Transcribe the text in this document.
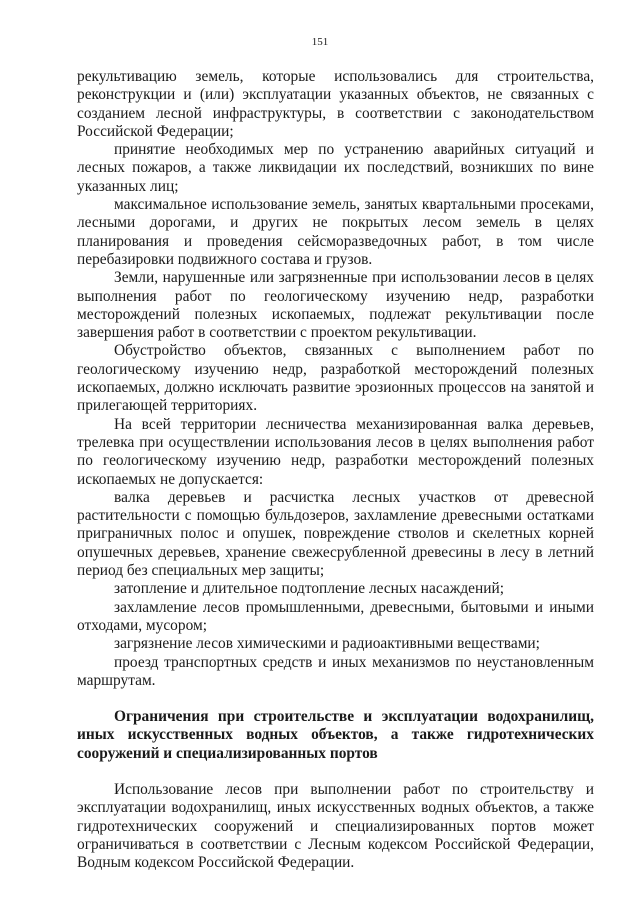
151

рекультивацию земель, которые использовались для строительства, реконструкции и (или) эксплуатации указанных объектов, не связанных с созданием лесной инфраструктуры, в соответствии с законодательством Российской Федерации;

принятие необходимых мер по устранению аварийных ситуаций и лесных пожаров, а также ликвидации их последствий, возникших по вине указанных лиц;

максимальное использование земель, занятых квартальными просеками, лесными дорогами, и других не покрытых лесом земель в целях планирования и проведения сейсморазведочных работ, в том числе перебазировки подвижного состава и грузов.

Земли, нарушенные или загрязненные при использовании лесов в целях выполнения работ по геологическому изучению недр, разработки месторождений полезных ископаемых, подлежат рекультивации после завершения работ в соответствии с проектом рекультивации.

Обустройство объектов, связанных с выполнением работ по геологическому изучению недр, разработкой месторождений полезных ископаемых, должно исключать развитие эрозионных процессов на занятой и прилегающей территориях.

На всей территории лесничества механизированная валка деревьев, трелевка при осуществлении использования лесов в целях выполнения работ по геологическому изучению недр, разработки месторождений полезных ископаемых не допускается:

валка деревьев и расчистка лесных участков от древесной растительности с помощью бульдозеров, захламление древесными остатками приграничных полос и опушек, повреждение стволов и скелетных корней опушечных деревьев, хранение свежесрубленной древесины в лесу в летний период без специальных мер защиты;

затопление и длительное подтопление лесных насаждений;

захламление лесов промышленными, древесными, бытовыми и иными отходами, мусором;

загрязнение лесов химическими и радиоактивными веществами;

проезд транспортных средств и иных механизмов по неустановленным маршрутам.

Ограничения при строительстве и эксплуатации водохранилищ, иных искусственных водных объектов, а также гидротехнических сооружений и специализированных портов

Использование лесов при выполнении работ по строительству и эксплуатации водохранилищ, иных искусственных водных объектов, а также гидротехнических сооружений и специализированных портов может ограничиваться в соответствии с Лесным кодексом Российской Федерации, Водным кодексом Российской Федерации.
